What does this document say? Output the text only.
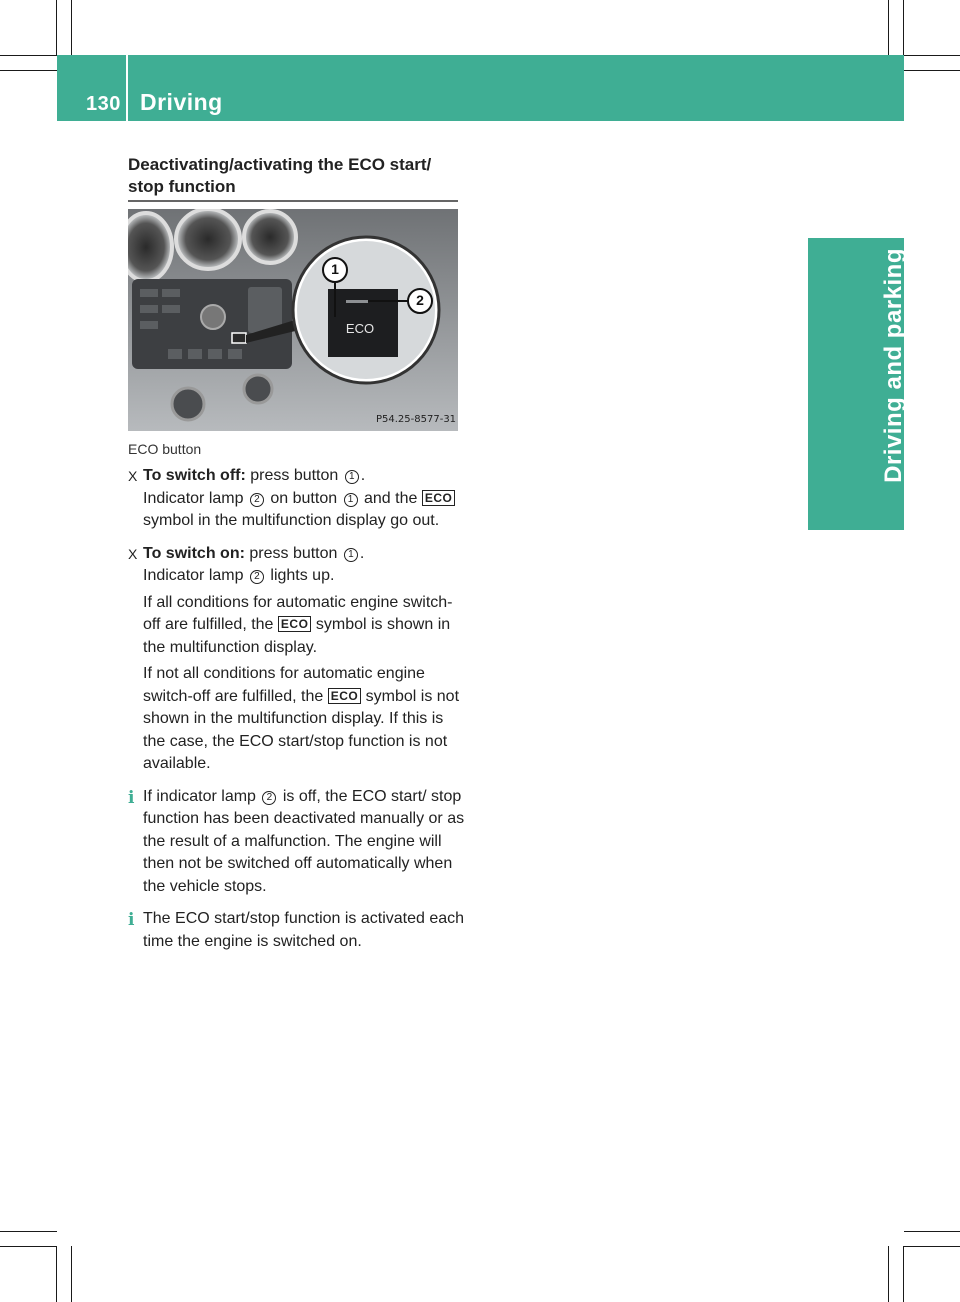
130 Driving
Driving and parking
Deactivating/activating the ECO start/ stop function
1
2
ECO
P54.25-8577-31
ECO button
X To switch off: press button 1 .

Indicator lamp 2 on button 1 and the ECO symbol in the multifunction display go out.

X To switch on: press button 1 .

Indicator lamp 2 lights up.

If all conditions for automatic engine switch-off are fulfilled, the ECO symbol is shown in the multifunction display.

If not all conditions for automatic engine switch-off are fulfilled, the ECO symbol is not shown in the multifunction display. If this is the case, the ECO start/stop function is not available.

i If indicator lamp 2 is off, the ECO start/ stop function has been deactivated manually or as the result of a malfunction. The engine will then not be switched off automatically when the vehicle stops.

i The ECO start/stop function is activated each time the engine is switched on.
